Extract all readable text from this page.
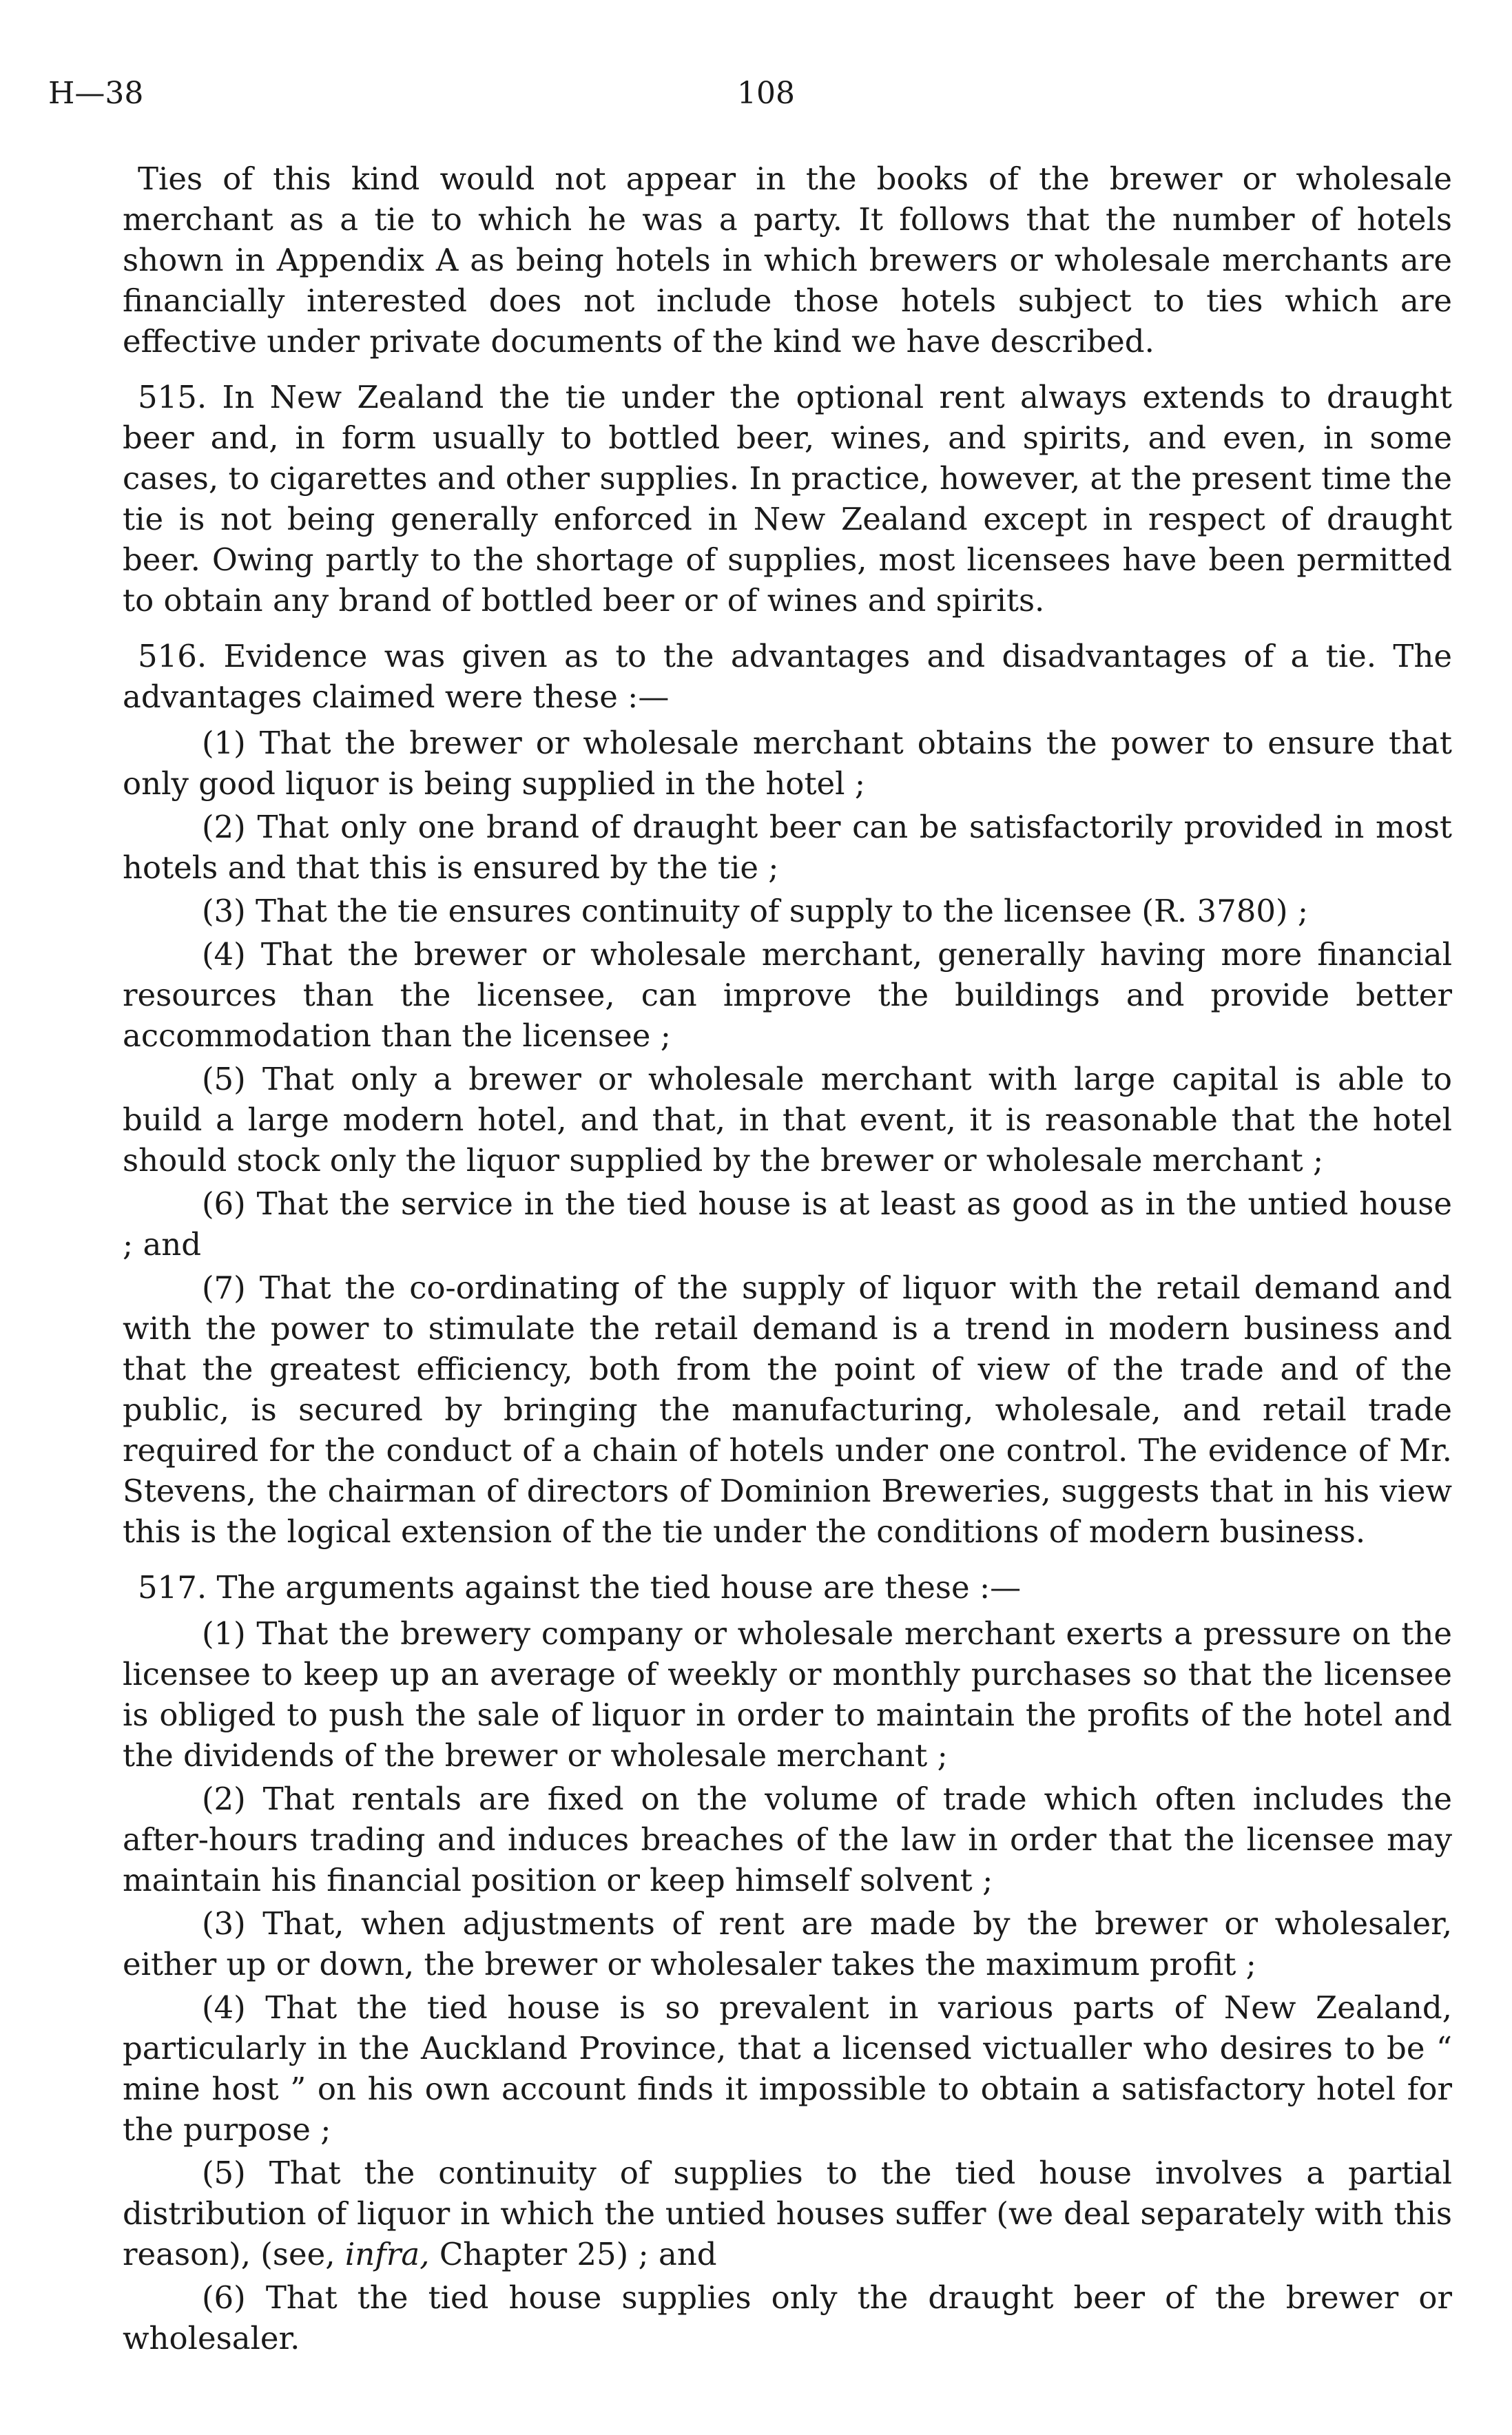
H—38	108

Ties of this kind would not appear in the books of the brewer or wholesale merchant as a tie to which he was a party. It follows that the number of hotels shown in Appendix A as being hotels in which brewers or wholesale merchants are financially interested does not include those hotels subject to ties which are effective under private documents of the kind we have described.

515. In New Zealand the tie under the optional rent always extends to draught beer and, in form usually to bottled beer, wines, and spirits, and even, in some cases, to cigarettes and other supplies. In practice, however, at the present time the tie is not being generally enforced in New Zealand except in respect of draught beer. Owing partly to the shortage of supplies, most licensees have been permitted to obtain any brand of bottled beer or of wines and spirits.

516. Evidence was given as to the advantages and disadvantages of a tie. The advantages claimed were these :—

(1) That the brewer or wholesale merchant obtains the power to ensure that only good liquor is being supplied in the hotel ;

(2) That only one brand of draught beer can be satisfactorily provided in most hotels and that this is ensured by the tie ;

(3) That the tie ensures continuity of supply to the licensee (R. 3780) ;

(4) That the brewer or wholesale merchant, generally having more financial resources than the licensee, can improve the buildings and provide better accommodation than the licensee ;

(5) That only a brewer or wholesale merchant with large capital is able to build a large modern hotel, and that, in that event, it is reasonable that the hotel should stock only the liquor supplied by the brewer or wholesale merchant ;

(6) That the service in the tied house is at least as good as in the untied house ; and

(7) That the co-ordinating of the supply of liquor with the retail demand and with the power to stimulate the retail demand is a trend in modern business and that the greatest efficiency, both from the point of view of the trade and of the public, is secured by bringing the manufacturing, wholesale, and retail trade required for the conduct of a chain of hotels under one control. The evidence of Mr. Stevens, the chairman of directors of Dominion Breweries, suggests that in his view this is the logical extension of the tie under the conditions of modern business.

517. The arguments against the tied house are these :—

(1) That the brewery company or wholesale merchant exerts a pressure on the licensee to keep up an average of weekly or monthly purchases so that the licensee is obliged to push the sale of liquor in order to maintain the profits of the hotel and the dividends of the brewer or wholesale merchant ;

(2) That rentals are fixed on the volume of trade which often includes the after-hours trading and induces breaches of the law in order that the licensee may maintain his financial position or keep himself solvent ;

(3) That, when adjustments of rent are made by the brewer or wholesaler, either up or down, the brewer or wholesaler takes the maximum profit ;

(4) That the tied house is so prevalent in various parts of New Zealand, particularly in the Auckland Province, that a licensed victualler who desires to be “ mine host ” on his own account finds it impossible to obtain a satisfactory hotel for the purpose ;

(5) That the continuity of supplies to the tied house involves a partial distribution of liquor in which the untied houses suffer (we deal separately with this reason), (see, infra, Chapter 25) ; and

(6) That the tied house supplies only the draught beer of the brewer or wholesaler.
